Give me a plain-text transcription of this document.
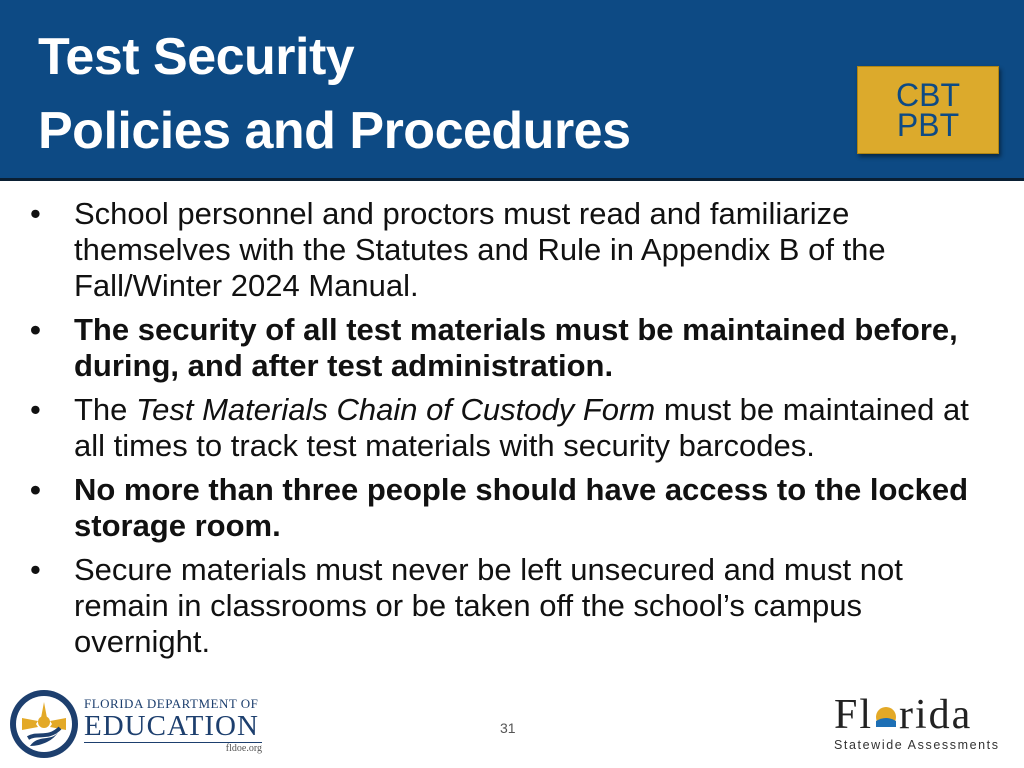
Test Security
Policies and Procedures
CBT
PBT
• School personnel and proctors must read and familiarize themselves with the Statutes and Rule in Appendix B of the Fall/Winter 2024 Manual.
• The security of all test materials must be maintained before, during, and after test administration.
• The Test Materials Chain of Custody Form must be maintained at all times to track test materials with security barcodes.
• No more than three people should have access to the locked storage room.
• Secure materials must never be left unsecured and must not remain in classrooms or be taken off the school’s campus overnight.
FLORIDA DEPARTMENT OF
EDUCATION
fldoe.org
31	Fl rida
Statewide Assessments
